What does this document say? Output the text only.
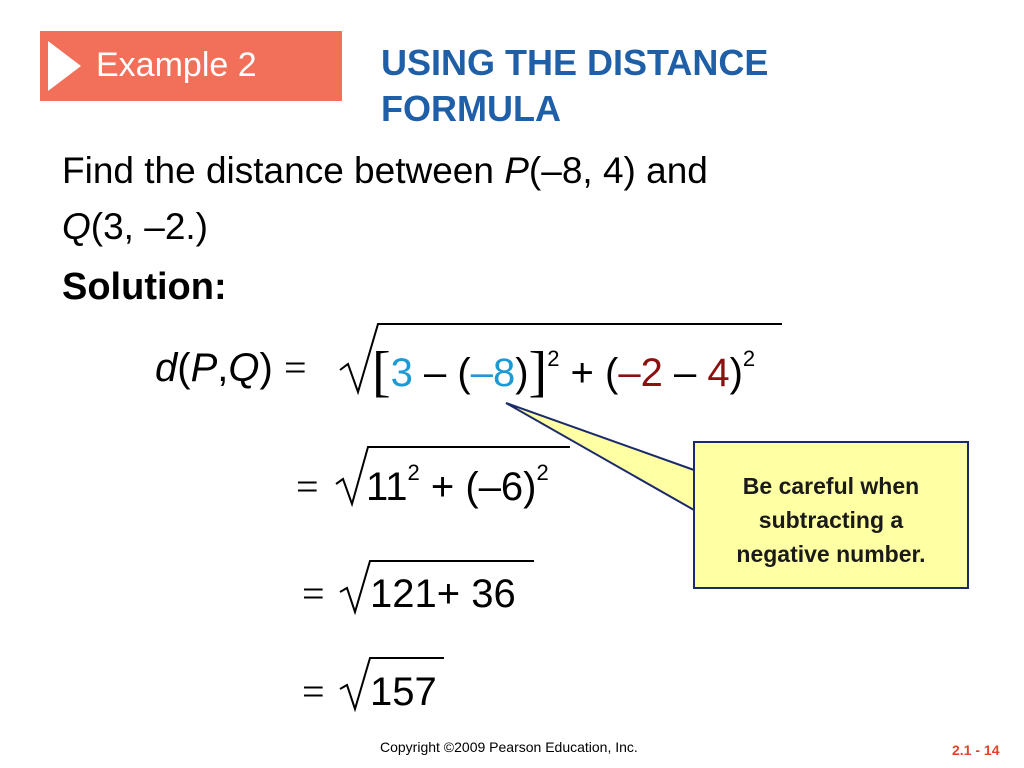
Example 2	USING THE DISTANCE
FORMULA
Find the distance between P(–8, 4) and
Q(3, –2.)
Solution:
d(P,Q) = [3 – (–8)]$^2$ + (–2 – 4)$^2$
= $11^2 + (-6)^2$
= 121+ 36
= 157
Be careful when
subtracting a
negative number.
Copyright ©2009 Pearson Education, Inc.	2.1 - 14
